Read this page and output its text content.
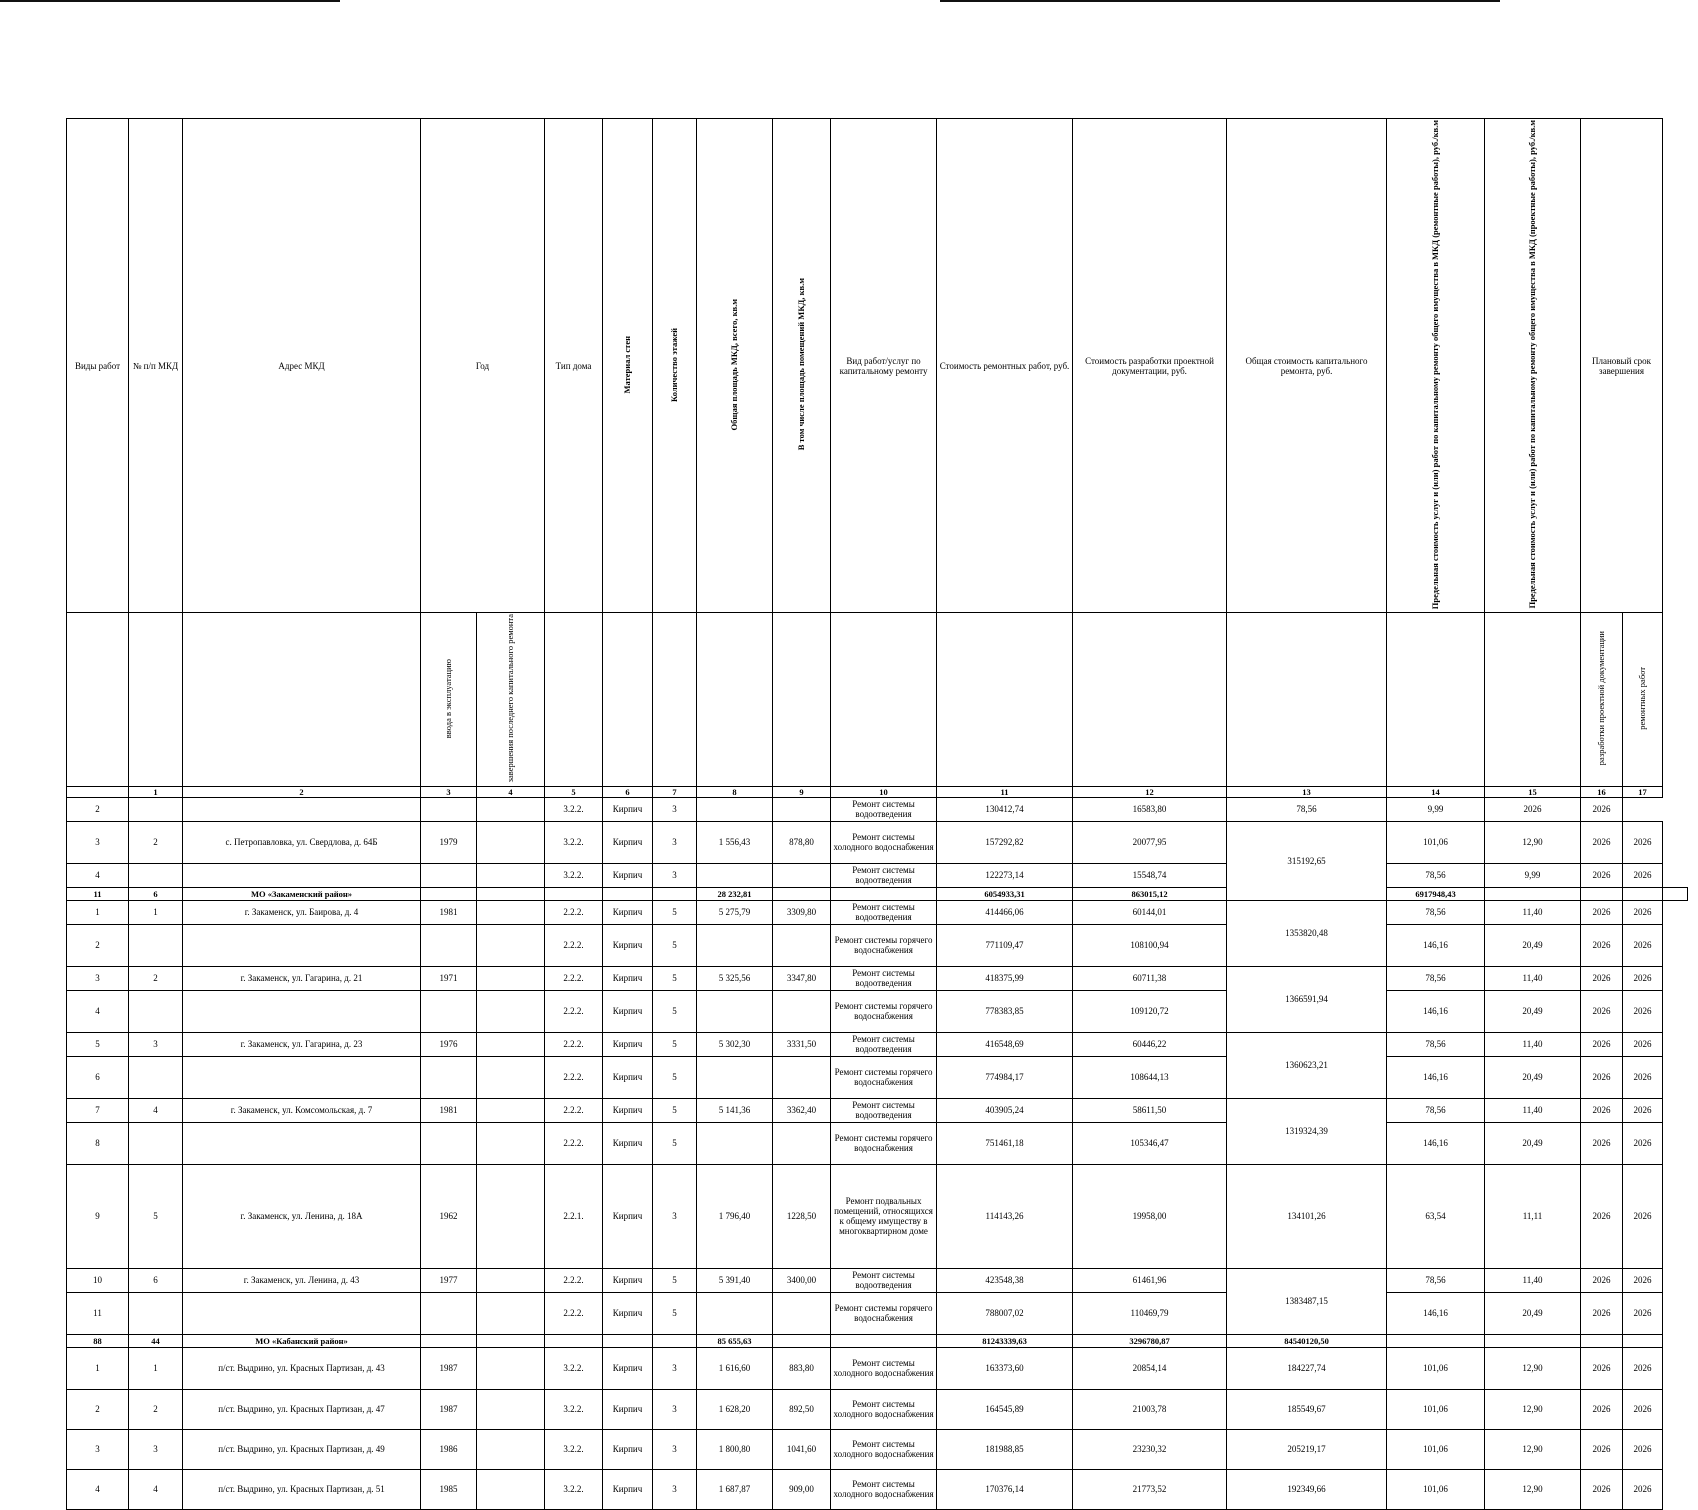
Виды работ	№ п/п МКД	Адрес МКД	Год		Тип дома	Материал стен	Количество этажей	Общая площадь МКД, всего, кв.м	В том числе площадь помещений МКД, кв.м	Вид работ/услуг по капитальному ремонту	Стоимость ремонтных работ, руб.	Стоимость разработки проектной документации, руб.	Общая стоимость капитального ремонта, руб.	Предельная стоимость услуг и (или) работ по капитальному ремонту общего имущества в МКД (ремонтные работы), руб./кв.м	Предельная стоимость услуг и (или) работ по капитальному ремонту общего имущества в МКД (проектные работы), руб./кв.м	Плановый срок завершения		
			ввода в эксплуатацию	завершения последнего капитального ремонта												разработки проектной документации	ремонтных работ	
	1	2	3	4	5	6	7	8	9	10	11	12	13	14	15	16	17	
2					3.2.2.	Кирпич	3			Ремонт системы водоотведения	130412,74	16583,80	78,56	9,99	2026	2026		
3	2	с. Петропавловка, ул. Свердлова, д. 64Б	1979		3.2.2.	Кирпич	3	1 556,43	878,80	Ремонт системы холодного водоснабжения	157292,82	20077,95	315192,65	101,06	12,90	2026	2026	
4					3.2.2.	Кирпич	3			Ремонт системы водоотведения	122273,14	15548,74		78,56	9,99	2026	2026	
11	6	МО «Закаменский район»						28 232,81			6054933,31	863015,12		6917948,43				
1	1	г. Закаменск, ул. Баирова, д. 4	1981		2.2.2.	Кирпич	5	5 275,79	3309,80	Ремонт системы водоотведения	414466,06	60144,01	1353820,48	78,56	11,40	2026	2026	
2					2.2.2.	Кирпич	5			Ремонт системы горячего водоснабжения	771109,47	108100,94		146,16	20,49	2026	2026	
3	2	г. Закаменск, ул. Гагарина, д. 21	1971		2.2.2.	Кирпич	5	5 325,56	3347,80	Ремонт системы водоотведения	418375,99	60711,38	1366591,94	78,56	11,40	2026	2026	
4					2.2.2.	Кирпич	5			Ремонт системы горячего водоснабжения	778383,85	109120,72		146,16	20,49	2026	2026	
5	3	г. Закаменск, ул. Гагарина, д. 23	1976		2.2.2.	Кирпич	5	5 302,30	3331,50	Ремонт системы водоотведения	416548,69	60446,22	1360623,21	78,56	11,40	2026	2026	
6					2.2.2.	Кирпич	5			Ремонт системы горячего водоснабжения	774984,17	108644,13		146,16	20,49	2026	2026	
7	4	г. Закаменск, ул. Комсомольская, д. 7	1981		2.2.2.	Кирпич	5	5 141,36	3362,40	Ремонт системы водоотведения	403905,24	58611,50	1319324,39	78,56	11,40	2026	2026	
8					2.2.2.	Кирпич	5			Ремонт системы горячего водоснабжения	751461,18	105346,47		146,16	20,49	2026	2026	
9	5	г. Закаменск, ул. Ленина, д. 18А	1962		2.2.1.	Кирпич	3	1 796,40	1228,50	Ремонт подвальных помещений, относящихся к общему имуществу в многоквартирном доме	114143,26	19958,00	134101,26	63,54	11,11	2026	2026	
10	6	г. Закаменск, ул. Ленина, д. 43	1977		2.2.2.	Кирпич	5	5 391,40	3400,00	Ремонт системы водоотведения	423548,38	61461,96	1383487,15	78,56	11,40	2026	2026	
11					2.2.2.	Кирпич	5			Ремонт системы горячего водоснабжения	788007,02	110469,79		146,16	20,49	2026	2026	
88	44	МО «Кабанский район»						85 655,63			81243339,63	3296780,87	84540120,50					
1	1	п/ст. Выдрино, ул. Красных Партизан, д. 43	1987		3.2.2.	Кирпич	3	1 616,60	883,80	Ремонт системы холодного водоснабжения	163373,60	20854,14	184227,74	101,06	12,90	2026	2026	
2	2	п/ст. Выдрино, ул. Красных Партизан, д. 47	1987		3.2.2.	Кирпич	3	1 628,20	892,50	Ремонт системы холодного водоснабжения	164545,89	21003,78	185549,67	101,06	12,90	2026	2026	
3	3	п/ст. Выдрино, ул. Красных Партизан, д. 49	1986		3.2.2.	Кирпич	3	1 800,80	1041,60	Ремонт системы холодного водоснабжения	181988,85	23230,32	205219,17	101,06	12,90	2026	2026	
4	4	п/ст. Выдрино, ул. Красных Партизан, д. 51	1985		3.2.2.	Кирпич	3	1 687,87	909,00	Ремонт системы холодного водоснабжения	170376,14	21773,52	192349,66	101,06	12,90	2026	2026	
